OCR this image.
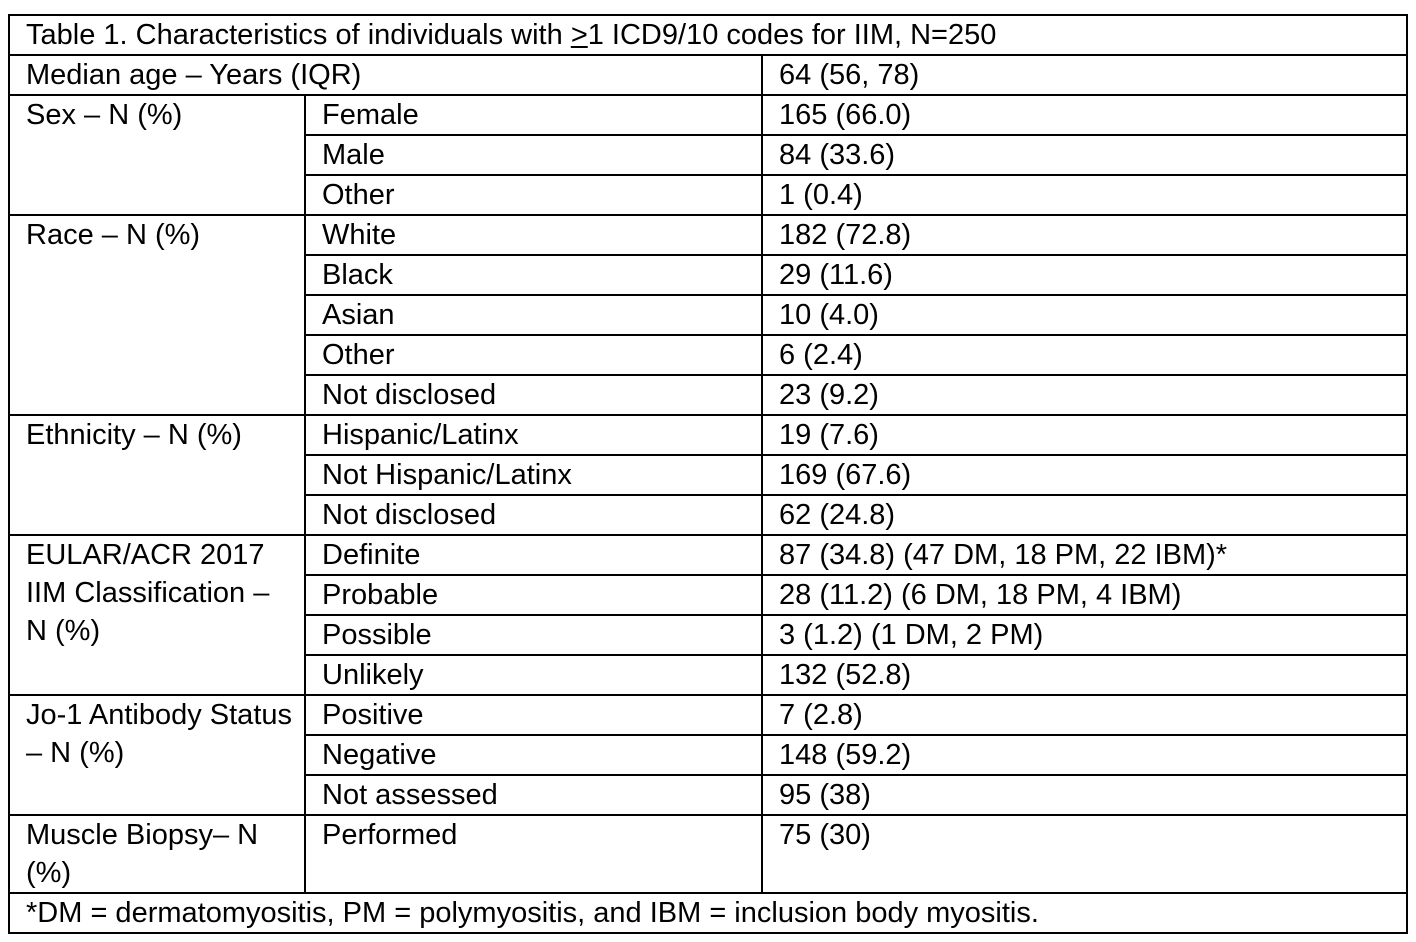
Table 1. Characteristics of individuals with ≥1 ICD9/10 codes for IIM, N=250		
Median age – Years (IQR)		64 (56, 78)
Sex – N (%)	Female	165 (66.0)
	Male	84 (33.6)
	Other	1 (0.4)
Race – N (%)	White	182 (72.8)
	Black	29 (11.6)
	Asian	10 (4.0)
	Other	6 (2.4)
	Not disclosed	23 (9.2)
Ethnicity – N (%)	Hispanic/Latinx	19 (7.6)
	Not Hispanic/Latinx	169 (67.6)
	Not disclosed	62 (24.8)
EULAR/ACR 2017 IIM Classification – N (%)	Definite	87 (34.8) (47 DM, 18 PM, 22 IBM)*
	Probable	28 (11.2) (6 DM, 18 PM, 4 IBM)
	Possible	3 (1.2) (1 DM, 2 PM)
	Unlikely	132 (52.8)
Jo-1 Antibody Status – N (%)	Positive	7 (2.8)
	Negative	148 (59.2)
	Not assessed	95 (38)
Muscle Biopsy– N (%)	Performed	75 (30)
*DM = dermatomyositis, PM = polymyositis, and IBM = inclusion body myositis.		
